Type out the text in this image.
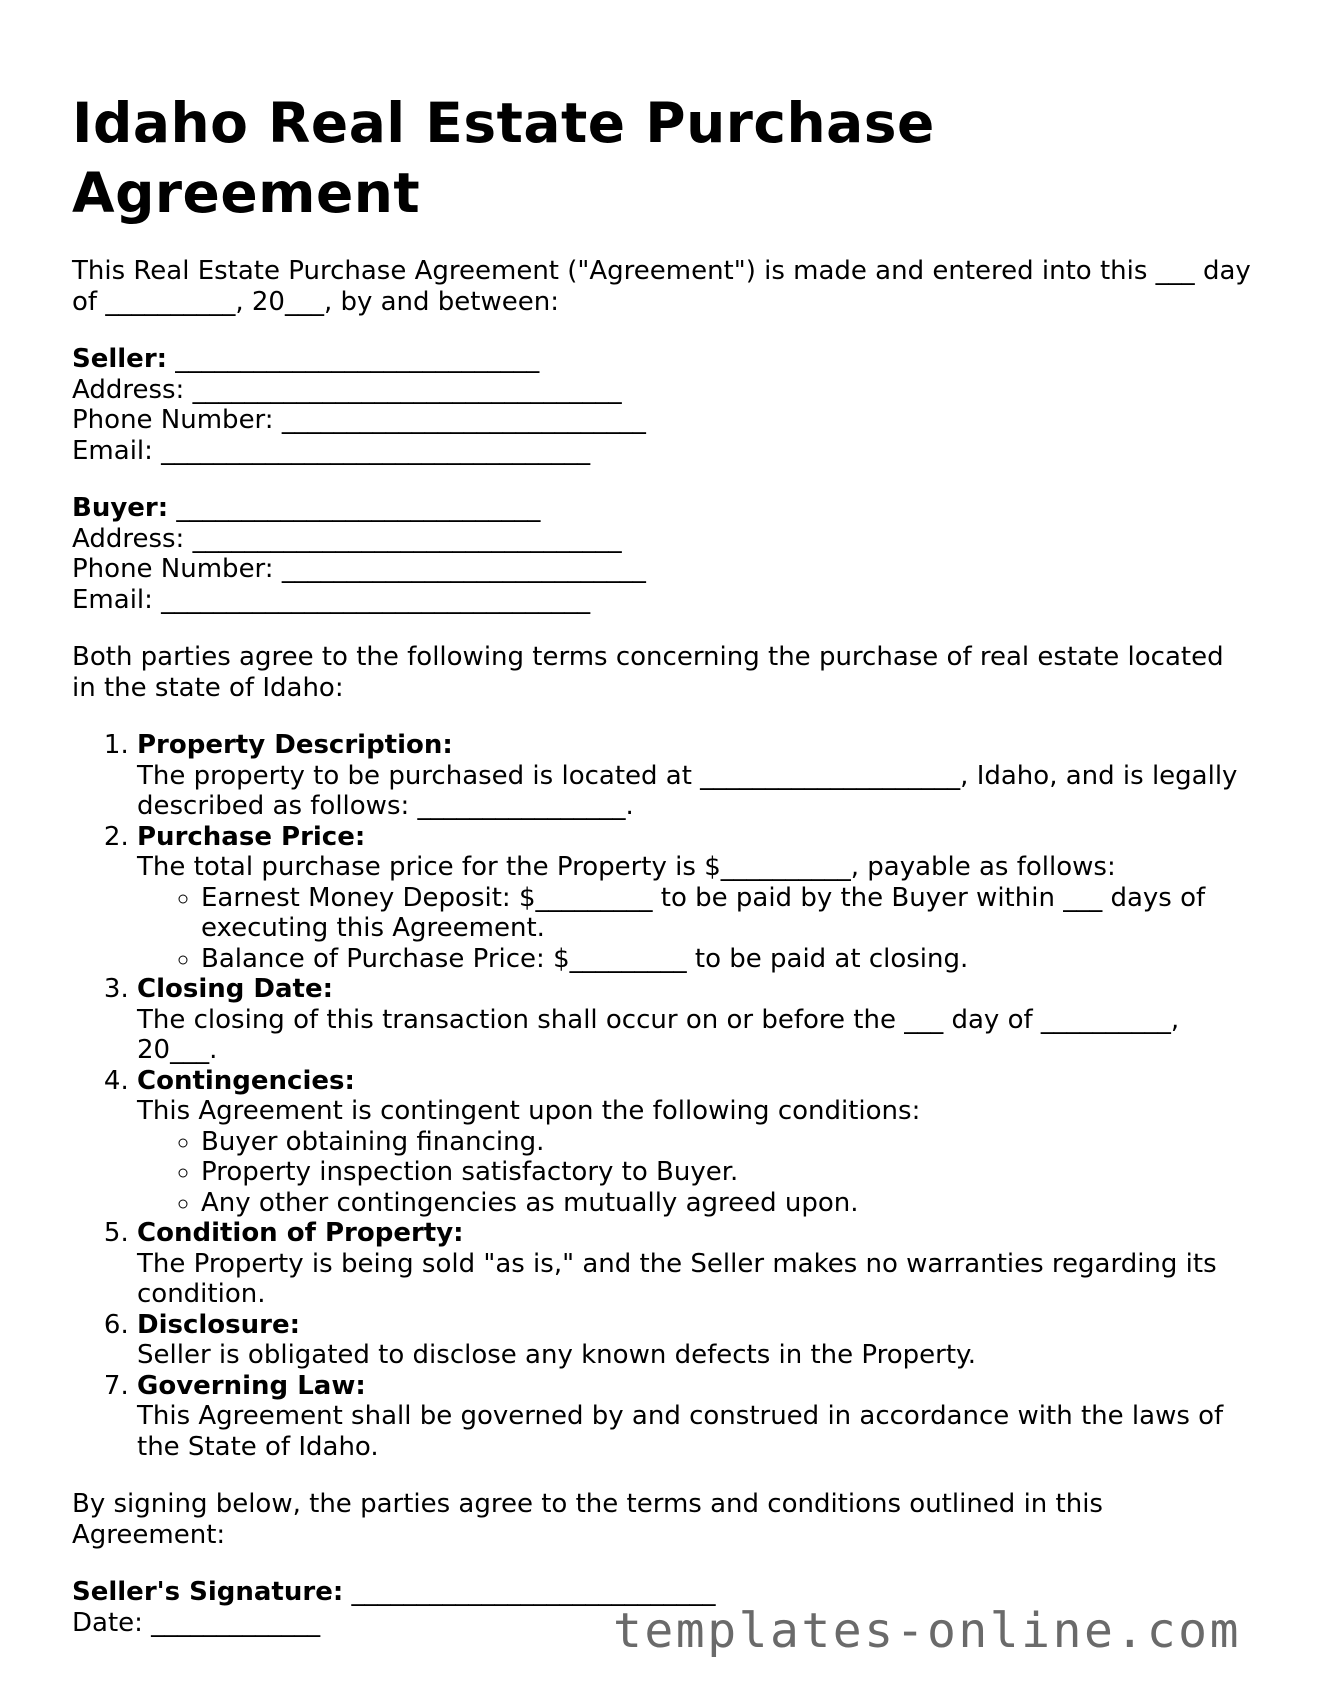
Idaho Real Estate Purchase Agreement

This Real Estate Purchase Agreement ("Agreement") is made and entered into this ___ day of __________, 20___, by and between:

Seller: ____________________________

Address: _________________________________

Phone Number: ____________________________

Email: _________________________________

Buyer: ____________________________

Address: _________________________________

Phone Number: ____________________________

Email: _________________________________

Both parties agree to the following terms concerning the purchase of real estate located in the state of Idaho:

1. Property Description:
The property to be purchased is located at ____________________, Idaho, and is legally described as follows: ________________.
2. Purchase Price:
The total purchase price for the Property is $__________, payable as follows:
◦ Earnest Money Deposit: $_________ to be paid by the Buyer within ___ days of executing this Agreement.
◦ Balance of Purchase Price: $_________ to be paid at closing.
3. Closing Date:
The closing of this transaction shall occur on or before the ___ day of __________, 20___.
4. Contingencies:
This Agreement is contingent upon the following conditions:
◦ Buyer obtaining financing.
◦ Property inspection satisfactory to Buyer.
◦ Any other contingencies as mutually agreed upon.
5. Condition of Property:
The Property is being sold "as is," and the Seller makes no warranties regarding its condition.
6. Disclosure:
Seller is obligated to disclose any known defects in the Property.
7. Governing Law:
This Agreement shall be governed by and construed in accordance with the laws of the State of Idaho.

By signing below, the parties agree to the terms and conditions outlined in this Agreement:

Seller's Signature: ____________________________

Date: _____________	templates-online.com
